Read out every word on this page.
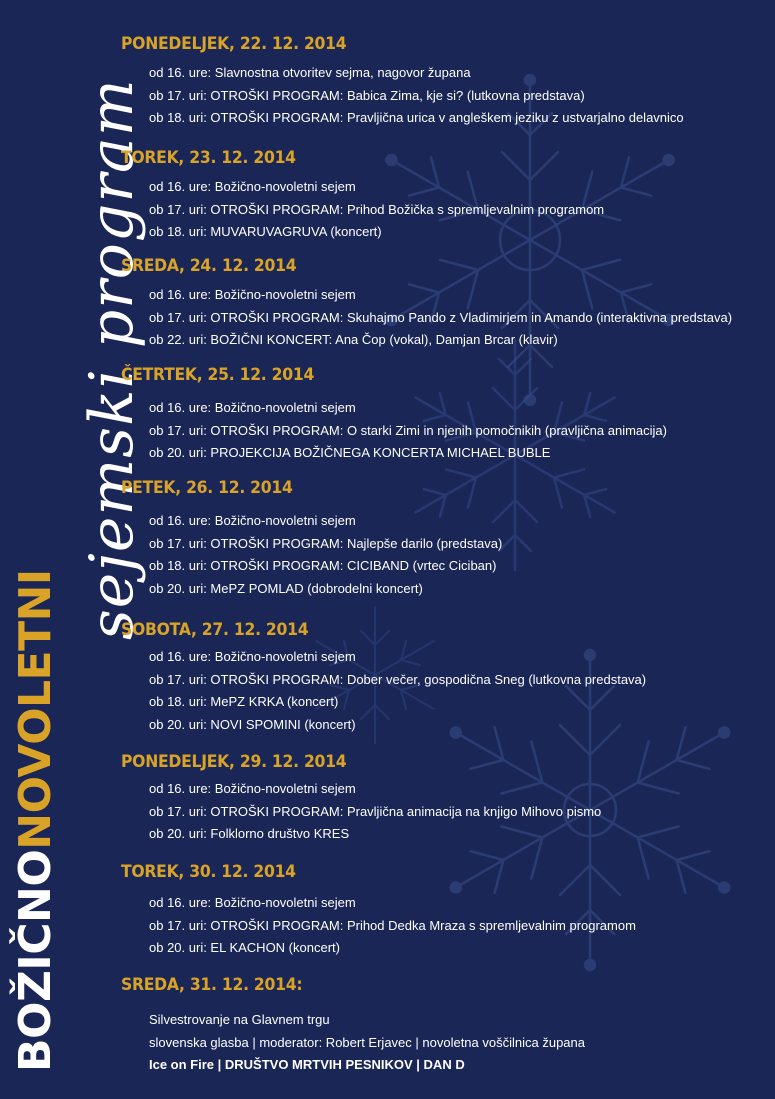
BOŽIČNONOVOLETNI
sejemski program
PONEDELJEK, 22. 12. 2014
od 16. ure: Slavnostna otvoritev sejma, nagovor župana
ob 17. uri: OTROŠKI PROGRAM: Babica Zima, kje si? (lutkovna predstava)
ob 18. uri: OTROŠKI PROGRAM: Pravljična urica v angleškem jeziku z ustvarjalno delavnico
TOREK, 23. 12. 2014
od 16. ure: Božično-novoletni sejem
ob 17. uri: OTROŠKI PROGRAM: Prihod Božička s spremljevalnim programom
ob 18. uri: MUVARUVAGRUVA (koncert)
SREDA, 24. 12. 2014
od 16. ure: Božično-novoletni sejem
ob 17. uri: OTROŠKI PROGRAM: Skuhajmo Pando z Vladimirjem in Amando (interaktivna predstava)
ob 22. uri: BOŽIČNI KONCERT: Ana Čop (vokal), Damjan Brcar (klavir)
ČETRTEK, 25. 12. 2014
od 16. ure: Božično-novoletni sejem
ob 17. uri: OTROŠKI PROGRAM: O starki Zimi in njenih pomočnikih (pravljična animacija)
ob 20. uri: PROJEKCIJA BOŽIČNEGA KONCERTA MICHAEL BUBLE
PETEK, 26. 12. 2014
od 16. ure: Božično-novoletni sejem
ob 17. uri: OTROŠKI PROGRAM: Najlepše darilo (predstava)
ob 18. uri: OTROŠKI PROGRAM: CICIBAND (vrtec Ciciban)
ob 20. uri: MePZ POMLAD (dobrodelni koncert)
SOBOTA, 27. 12. 2014
od 16. ure: Božično-novoletni sejem
ob 17. uri: OTROŠKI PROGRAM: Dober večer, gospodična Sneg (lutkovna predstava)
ob 18. uri: MePZ KRKA (koncert)
ob 20. uri: NOVI SPOMINI (koncert)
PONEDELJEK, 29. 12. 2014
od 16. ure: Božično-novoletni sejem
ob 17. uri: OTROŠKI PROGRAM: Pravljična animacija na knjigo Mihovo pismo
ob 20. uri: Folklorno društvo KRES
TOREK, 30. 12. 2014
od 16. ure: Božično-novoletni sejem
ob 17. uri: OTROŠKI PROGRAM: Prihod Dedka Mraza s spremljevalnim programom
ob 20. uri: EL KACHON (koncert)
SREDA, 31. 12. 2014:
Silvestrovanje na Glavnem trgu
slovenska glasba | moderator: Robert Erjavec | novoletna voščilnica župana
Ice on Fire | DRUŠTVO MRTVIH PESNIKOV | DAN D
